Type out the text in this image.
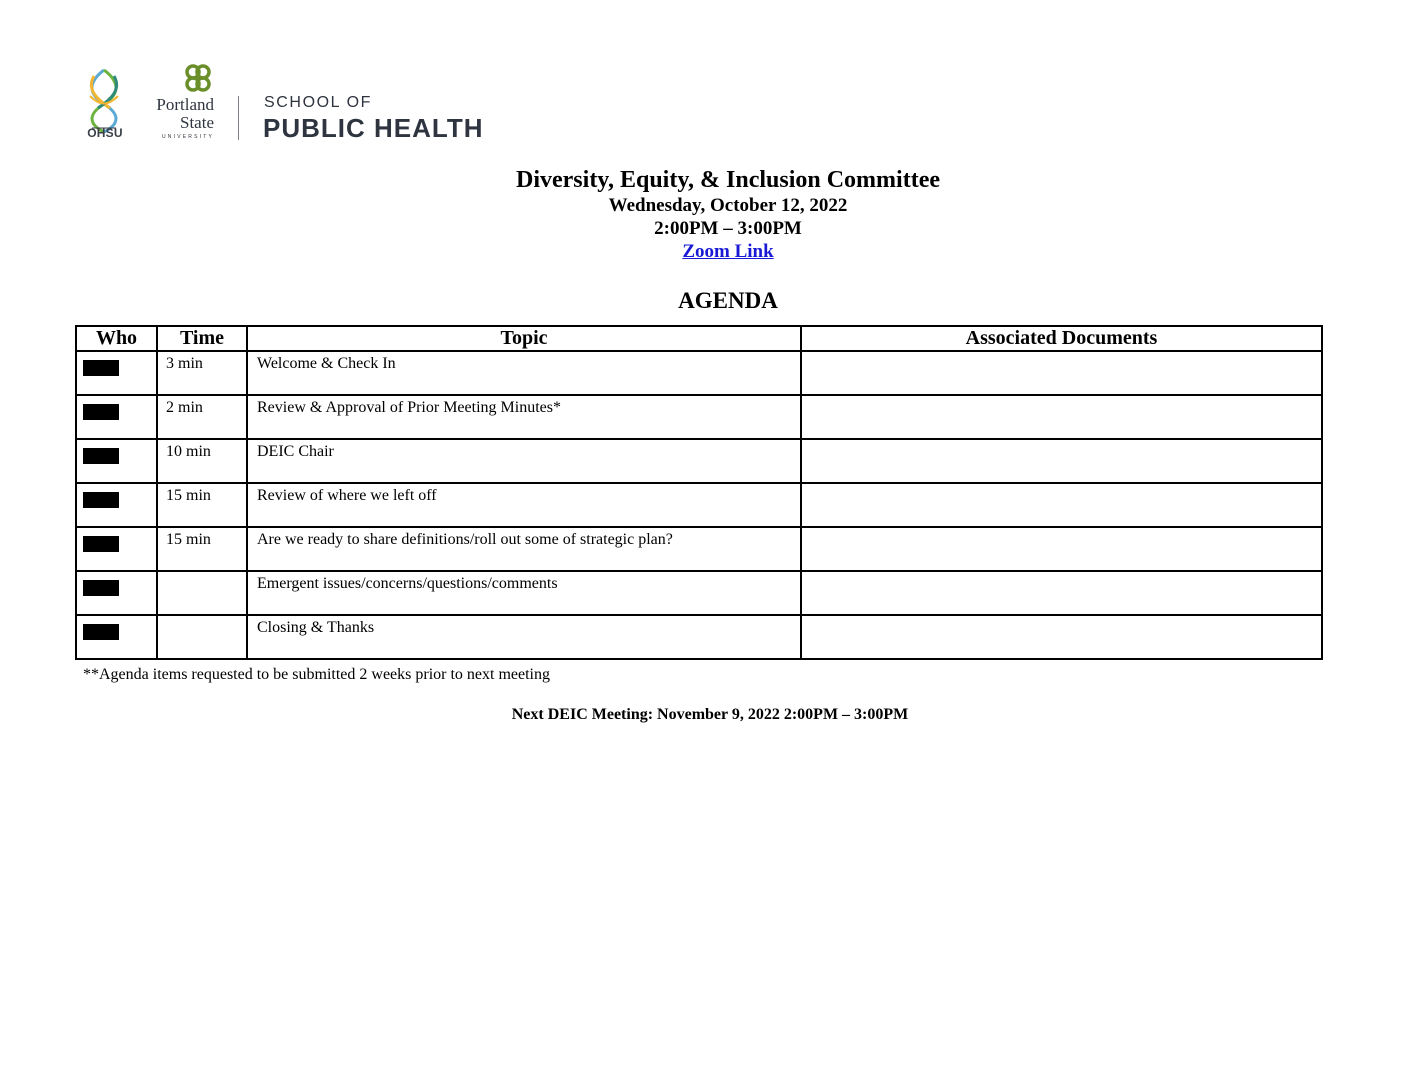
OHSU
Portland
State
UNIVERSITY
SCHOOL OF
PUBLIC HEALTH
Diversity, Equity, & Inclusion Committee
Wednesday, October 12, 2022
2:00PM – 3:00PM
Zoom Link
AGENDA
Who	Time	Topic	Associated Documents

	3 min	Welcome & Check In	

	2 min	Review & Approval of Prior Meeting Minutes*	

	10 min	DEIC Chair	

	15 min	Review of where we left off	

	15 min	Are we ready to share definitions/roll out some of strategic plan?	

		Emergent issues/concerns/questions/comments	

		Closing & Thanks	
**Agenda items requested to be submitted 2 weeks prior to next meeting
Next DEIC Meeting: November 9, 2022 2:00PM – 3:00PM
